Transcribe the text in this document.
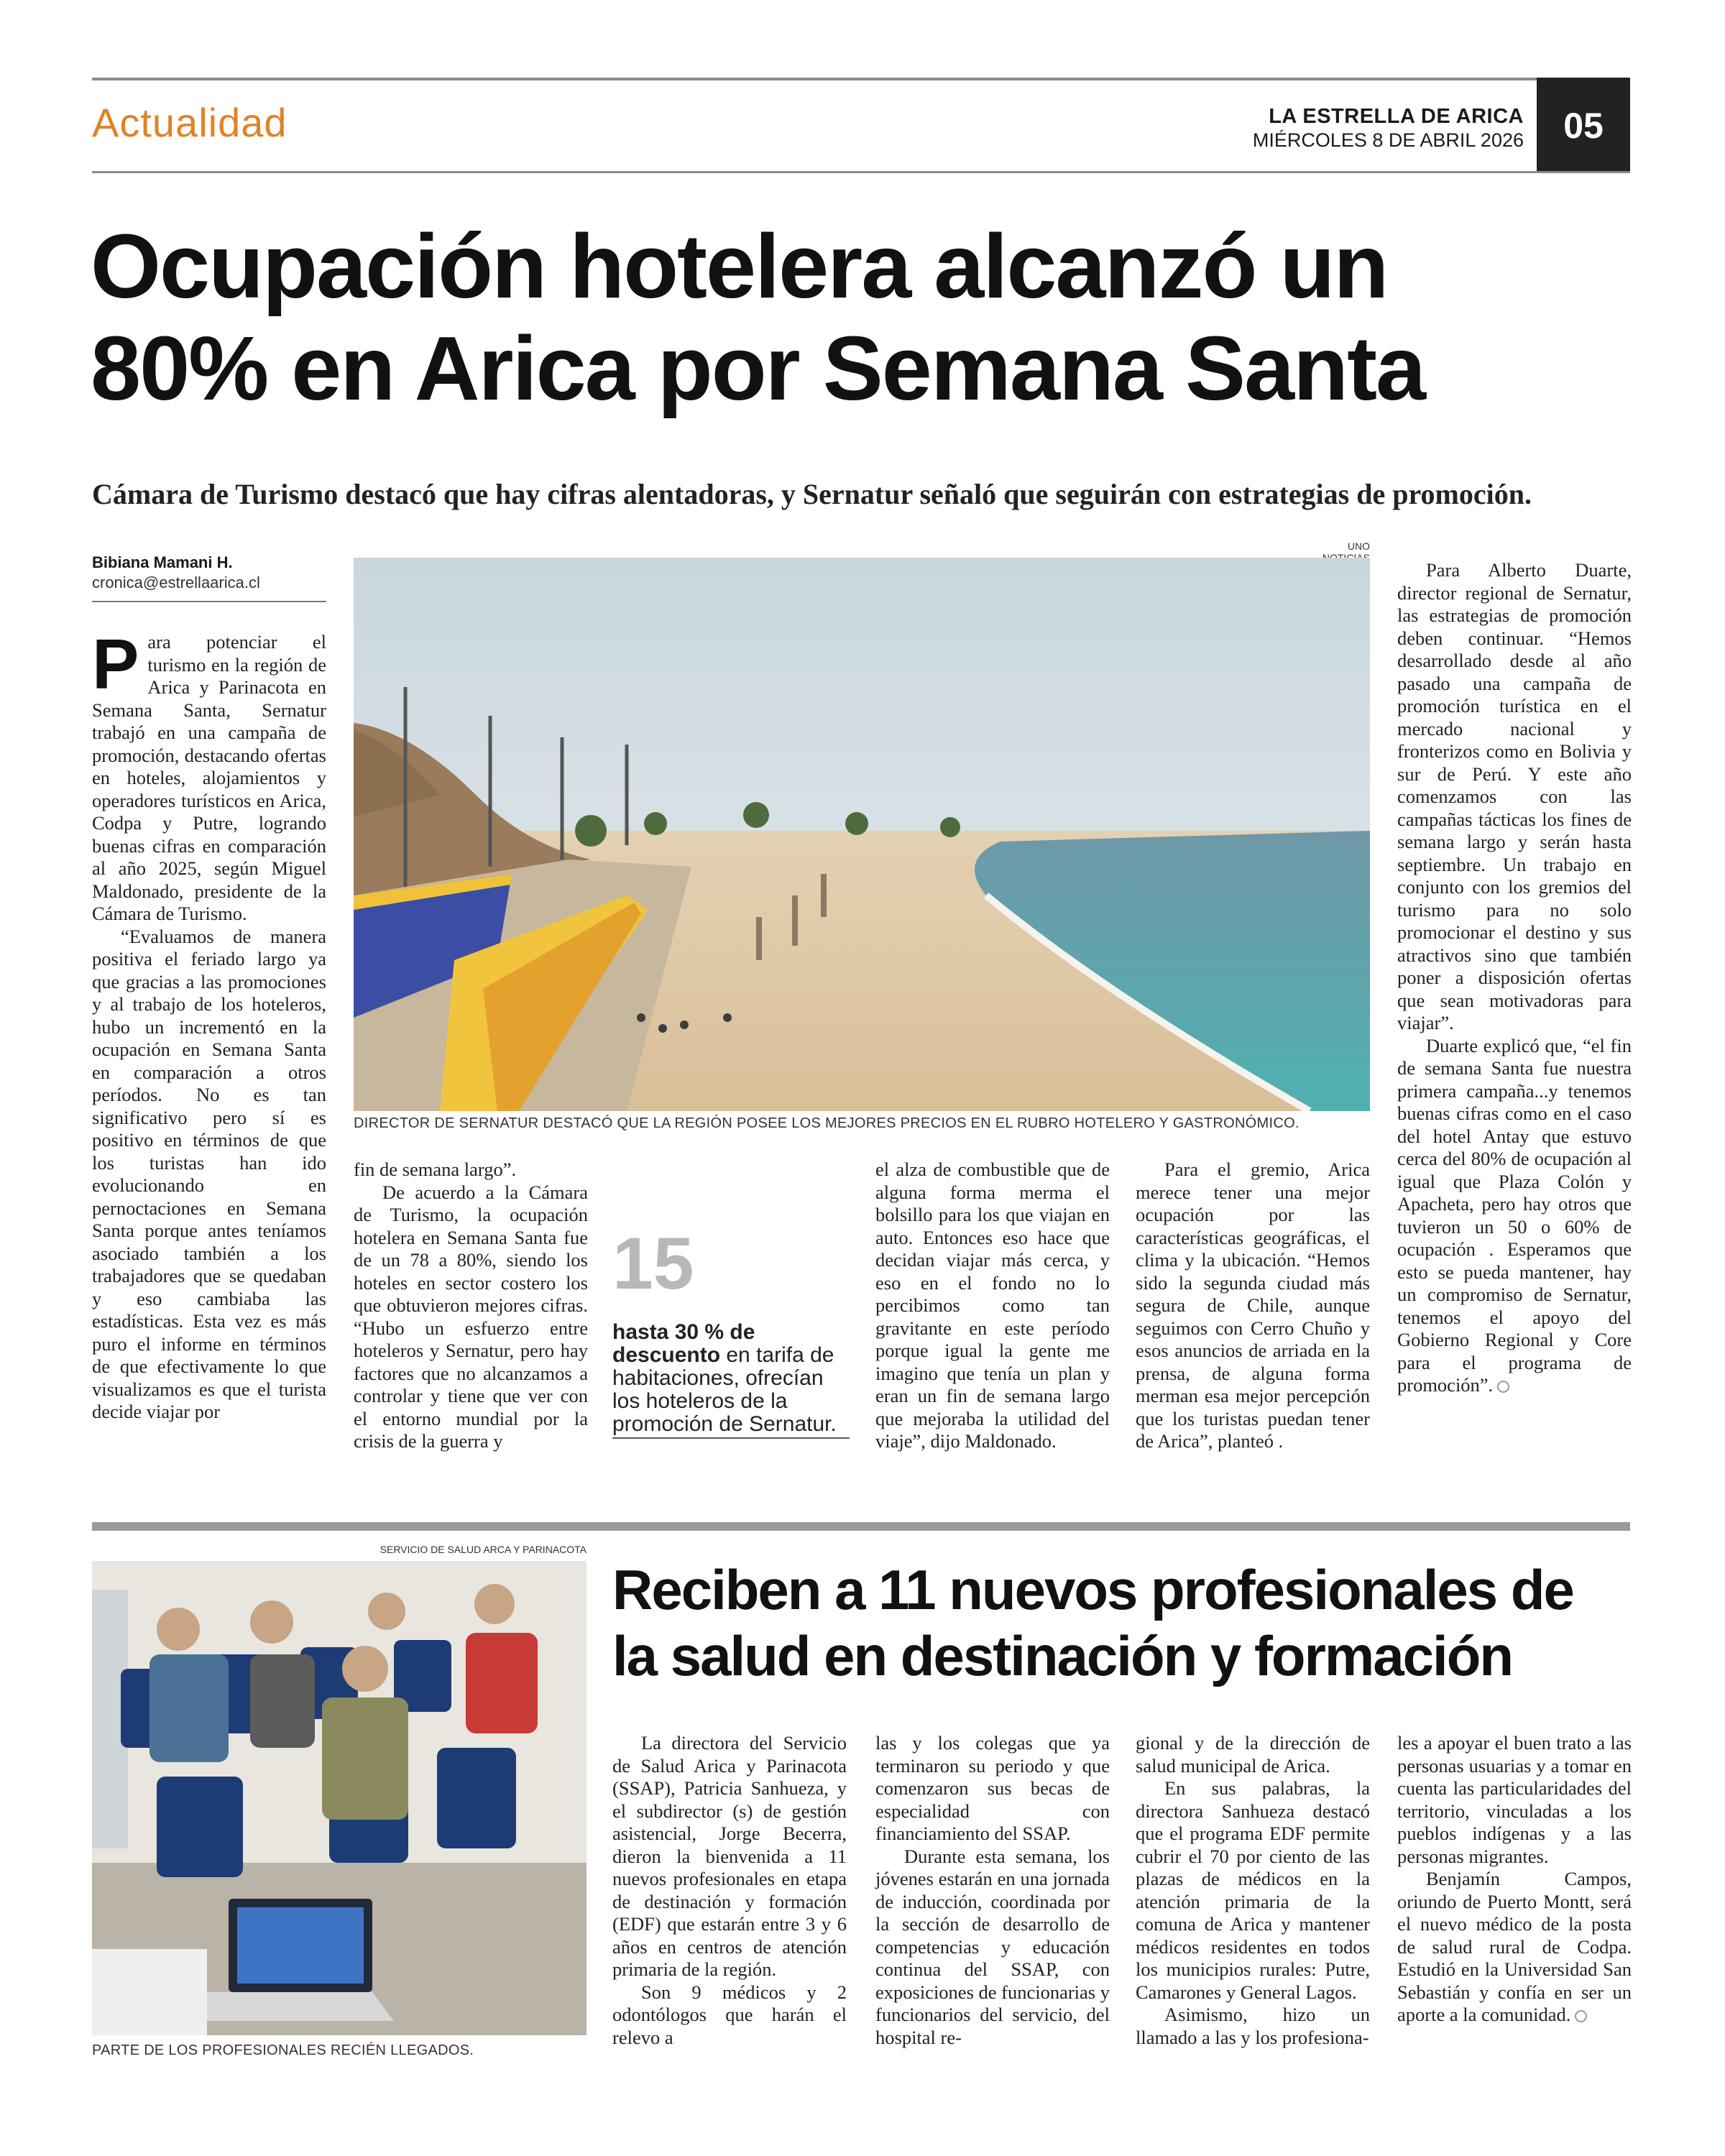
Actualidad	LA ESTRELLA DE ARICA
MIÉRCOLES 8 DE ABRIL 2026	05
Ocupación hotelera alcanzó un
80% en Arica por Semana Santa
Cámara de Turismo destacó que hay cifras alentadoras, y Sernatur señaló que seguirán con estrategias de promoción.
Bibiana Mamani H.
cronica@estrellaarica.cl

Para potenciar el turismo en la región de Arica y Parinacota en Semana Santa, Sernatur trabajó en una campaña de promoción, destacando ofertas en hoteles, alojamientos y operadores turísticos en Arica, Codpa y Putre, logrando buenas cifras en comparación al año 2025, según Miguel Maldonado, presidente de la Cámara de Turismo.

“Evaluamos de manera positiva el feriado largo ya que gracias a las promociones y al trabajo de los hoteleros, hubo un incrementó en la ocupación en Semana Santa en comparación a otros períodos. No es tan significativo pero sí es positivo en términos de que los turistas han ido evolucionando en pernoctaciones en Semana Santa porque antes teníamos asociado también a los trabajadores que se quedaban y eso cambiaba las estadísticas. Esta vez es más puro el informe en términos de que efectivamente lo que visualizamos es que el turista decide viajar por

UNO
DIRECTOR DE SERNATUR DESTACÓ QUE LA REGIÓN POSEE LOS MEJORES PRECIOS EN EL RUBRO HOTELERO Y GASTRONÓMICO.

fin de semana largo”.

De acuerdo a la Cámara de Turismo, la ocupación hotelera en Semana Santa fue de un 78 a 80%, siendo los hoteles en sector costero los que obtuvieron mejores cifras. “Hubo un esfuerzo entre hoteleros y Sernatur, pero hay factores que no alcanzamos a controlar y tiene que ver con el entorno mundial por la crisis de la guerra y

15
hasta 30 % de descuento en tarifa de habitaciones, ofrecían los hoteleros de la promoción de Sernatur.

el alza de combustible que de alguna forma merma el bolsillo para los que viajan en auto. Entonces eso hace que decidan viajar más cerca, y eso en el fondo no lo percibimos como tan gravitante en este período porque igual la gente me imagino que tenía un plan y eran un fin de semana largo que mejoraba la utilidad del viaje”, dijo Maldonado.

Para el gremio, Arica merece tener una mejor ocupación por las características geográficas, el clima y la ubicación. “Hemos sido la segunda ciudad más segura de Chile, aunque seguimos con Cerro Chuño y esos anuncios de arriada en la prensa, de alguna forma merman esa mejor percepción que los turistas puedan tener de Arica”, planteó .

Para Alberto Duarte, director regional de Sernatur, las estrategias de promoción deben continuar. “Hemos desarrollado desde al año pasado una campaña de promoción turística en el mercado nacional y fronterizos como en Bolivia y sur de Perú. Y este año comenzamos con las campañas tácticas los fines de semana largo y serán hasta septiembre. Un trabajo en conjunto con los gremios del turismo para no solo promocionar el destino y sus atractivos sino que también poner a disposición ofertas que sean motivadoras para viajar”.

Duarte explicó que, “el fin de semana Santa fue nuestra primera campaña...y tenemos buenas cifras como en el caso del hotel Antay que estuvo cerca del 80% de ocupación al igual que Plaza Colón y Apacheta, pero hay otros que tuvieron un 50 o 60% de ocupación . Esperamos que esto se pueda mantener, hay un compromiso de Sernatur, tenemos el apoyo del Gobierno Regional y Core para el programa de promoción”.

SERVICIO DE SALUD ARCA Y PARINACOTA
PARTE DE LOS PROFESIONALES RECIÉN LLEGADOS.
Reciben a 11 nuevos profesionales de
la salud en destinación y formación

La directora del Servicio de Salud Arica y Parinacota (SSAP), Patricia Sanhueza, y el subdirector (s) de gestión asistencial, Jorge Becerra, dieron la bienvenida a 11 nuevos profesionales en etapa de destinación y formación (EDF) que estarán entre 3 y 6 años en centros de atención primaria de la región.

Son 9 médicos y 2 odontólogos que harán el relevo a

las y los colegas que ya terminaron su periodo y que comenzaron sus becas de especialidad con financiamiento del SSAP.

Durante esta semana, los jóvenes estarán en una jornada de inducción, coordinada por la sección de desarrollo de competencias y educación continua del SSAP, con exposiciones de funcionarias y funcionarios del servicio, del hospital re-

gional y de la dirección de salud municipal de Arica.

En sus palabras, la directora Sanhueza destacó que el programa EDF permite cubrir el 70 por ciento de las plazas de médicos en la atención primaria de la comuna de Arica y mantener médicos residentes en todos los municipios rurales: Putre, Camarones y General Lagos.

Asimismo, hizo un llamado a las y los profesiona-

les a apoyar el buen trato a las personas usuarias y a tomar en cuenta las particularidades del territorio, vinculadas a los pueblos indígenas y a las personas migrantes.

Benjamín Campos, oriundo de Puerto Montt, será el nuevo médico de la posta de salud rural de Codpa. Estudió en la Universidad San Sebastián y confía en ser un aporte a la comunidad.
